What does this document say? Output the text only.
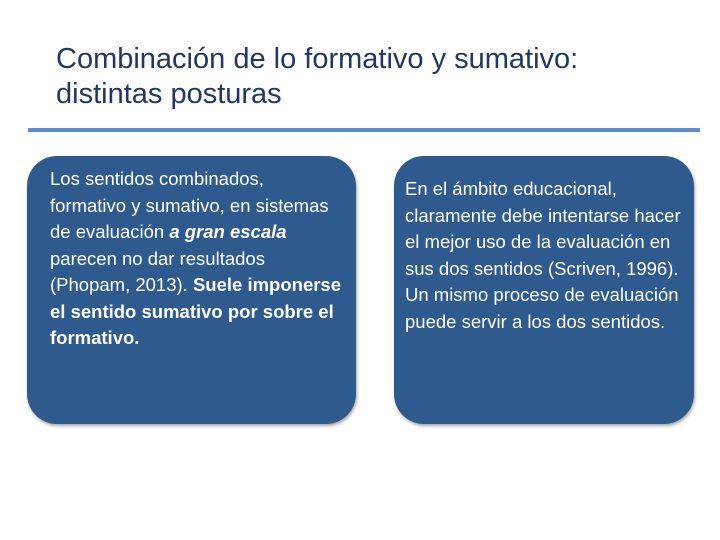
Combinación de lo formativo y sumativo:
distintas posturas

Los sentidos combinados, formativo y sumativo, en sistemas de evaluación a gran escala parecen no dar resultados (Phopam, 2013). Suele imponerse el sentido sumativo por sobre el formativo.

En el ámbito educacional, claramente debe intentarse hacer el mejor uso de la evaluación en sus dos sentidos (Scriven, 1996). Un mismo proceso de evaluación puede servir a los dos sentidos.
